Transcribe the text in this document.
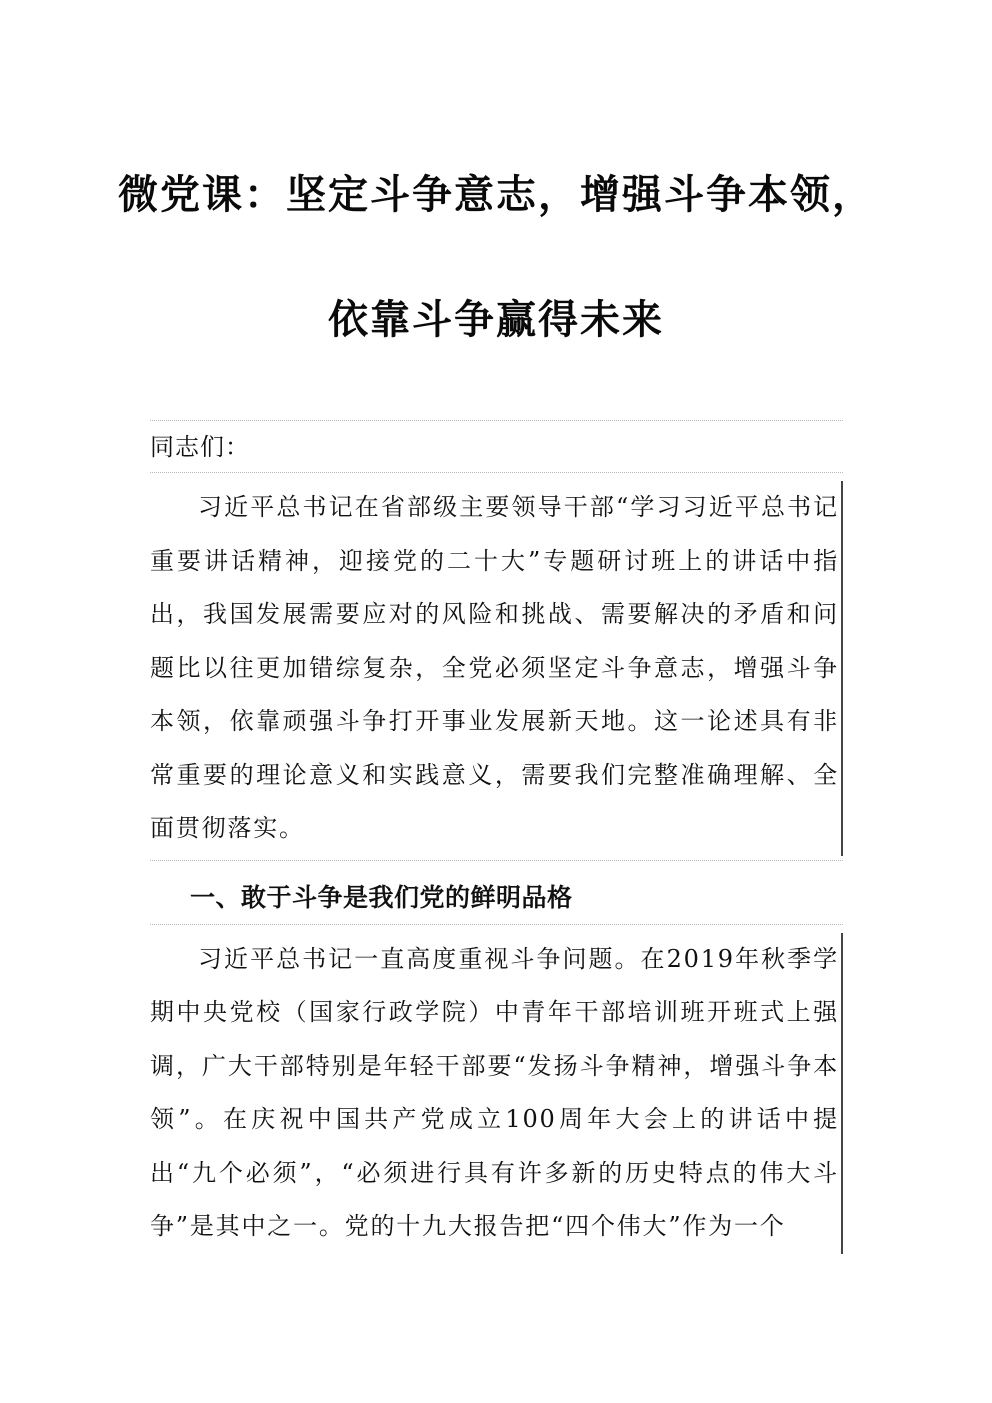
微党课：坚定斗争意志，增强斗争本领，
依靠斗争赢得未来
同志们：
习近平总书记在省部级主要领导干部“学习习近平总书记重要讲话精神，迎接党的二十大”专题研讨班上的讲话中指出，我国发展需要应对的风险和挑战、需要解决的矛盾和问题比以往更加错综复杂，全党必须坚定斗争意志，增强斗争本领，依靠顽强斗争打开事业发展新天地。这一论述具有非常重要的理论意义和实践意义，需要我们完整准确理解、全面贯彻落实。
一、敢于斗争是我们党的鲜明品格
习近平总书记一直高度重视斗争问题。在2019年秋季学期中央党校（国家行政学院）中青年干部培训班开班式上强调，广大干部特别是年轻干部要“发扬斗争精神，增强斗争本领”。在庆祝中国共产党成立100周年大会上的讲话中提出“九个必须”，“必须进行具有许多新的历史特点的伟大斗争”是其中之一。党的十九大报告把“四个伟大”作为一个
